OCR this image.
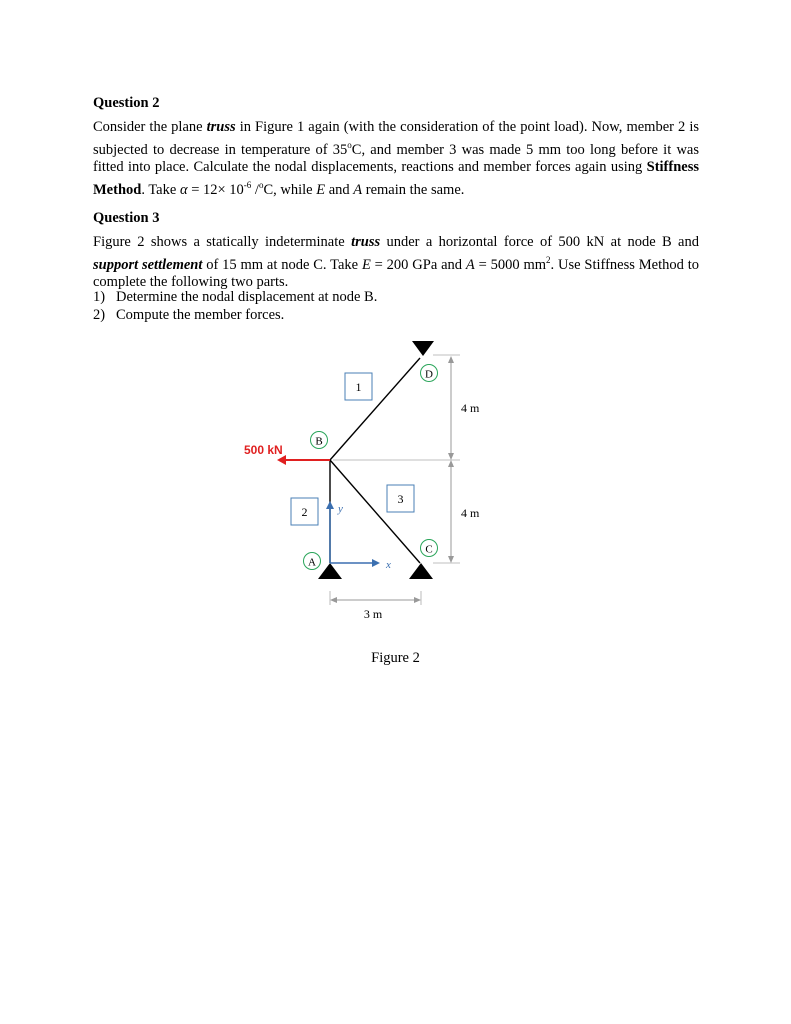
Question 2
Consider the plane truss in Figure 1 again (with the consideration of the point load). Now, member 2 is subjected to decrease in temperature of 35$^o$C, and member 3 was made 5 mm too long before it was fitted into place. Calculate the nodal displacements, reactions and member forces again using Stiffness Method. Take $\alpha = 12\times 10^{-6}$ /$^o$C, while E and A remain the same.
Question 3
Figure 2 shows a statically indeterminate truss under a horizontal force of 500 kN at node B and support settlement of 15 mm at node C. Take E = 200 GPa and A = 5000 $mm^2$. Use Stiffness Method to complete the following two parts.
1) Determine the nodal displacement at node B.
2) Compute the member forces.
y
x
500 kN
D
B
A
C
1
2
3
4 m
4 m
3 m
Figure 2
